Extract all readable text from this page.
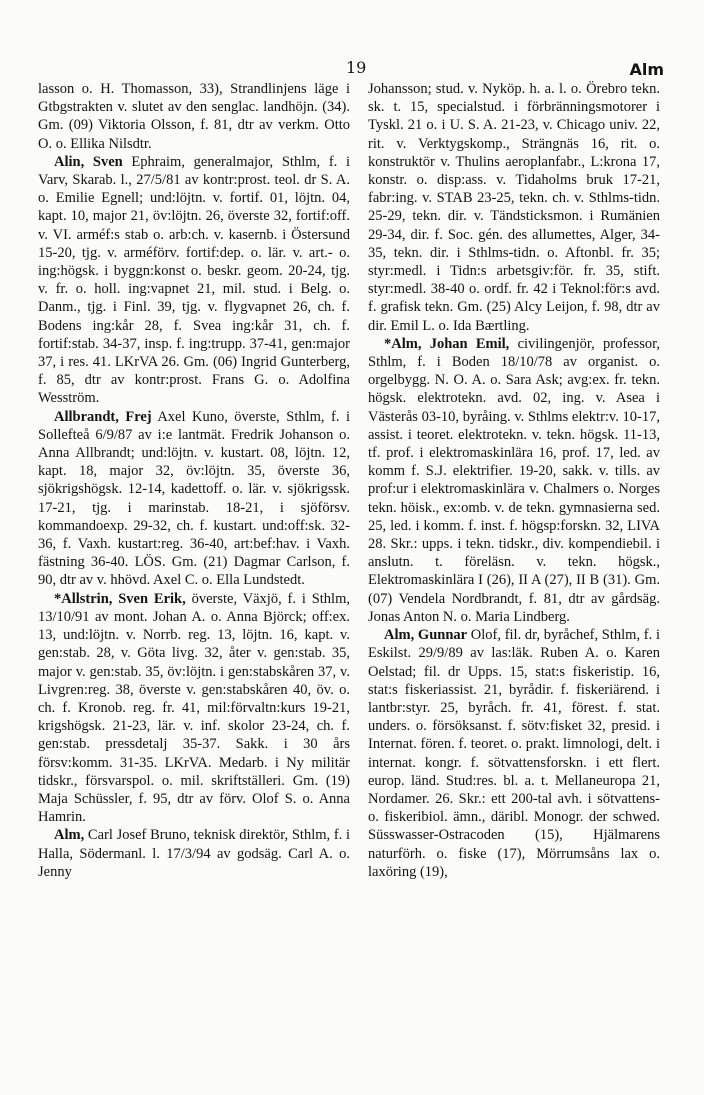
19	Alm

lasson o. H. Thomasson, 33), Strandlinjens läge i Gtbgstrakten v. slutet av den senglac. landhöjn. (34). Gm. (09) Viktoria Olsson, f. 81, dtr av verkm. Otto O. o. Ellika Nilsdtr.

Alin, Sven Ephraim, generalmajor, Sthlm, f. i Varv, Skarab. l., 27/5/81 av kontr:prost. teol. dr S. A. o. Emilie Egnell; und:löjtn. v. fortif. 01, löjtn. 04, kapt. 10, major 21, öv:löjtn. 26, överste 32, fortif:off. v. VI. arméf:s stab o. arb:ch. v. kasernb. i Östersund 15-20, tjg. v. arméförv. fortif:dep. o. lär. v. art.- o. ing:högsk. i byggn:konst o. beskr. geom. 20-24, tjg. v. fr. o. holl. ing:vapnet 21, mil. stud. i Belg. o. Danm., tjg. i Finl. 39, tjg. v. flygvapnet 26, ch. f. Bodens ing:kår 28, f. Svea ing:kår 31, ch. f. fortif:stab. 34-37, insp. f. ing:trupp. 37-41, gen:major 37, i res. 41. LKrVA 26. Gm. (06) Ingrid Gunterberg, f. 85, dtr av kontr:prost. Frans G. o. Adolfina Wesström.

Allbrandt, Frej Axel Kuno, överste, Sthlm, f. i Sollefteå 6/9/87 av i:e lantmät. Fredrik Johanson o. Anna Allbrandt; und:löjtn. v. kustart. 08, löjtn. 12, kapt. 18, major 32, öv:löjtn. 35, överste 36, sjökrigshögsk. 12-14, kadettoff. o. lär. v. sjökrigssk. 17-21, tjg. i marinstab. 18-21, i sjöförsv. kommandoexp. 29-32, ch. f. kustart. und:off:sk. 32-36, f. Vaxh. kustart:reg. 36-40, art:bef:hav. i Vaxh. fästning 36-40. LÖS. Gm. (21) Dagmar Carlson, f. 90, dtr av v. hhövd. Axel C. o. Ella Lundstedt.

*Allstrin, Sven Erik, överste, Växjö, f. i Sthlm, 13/10/91 av mont. Johan A. o. Anna Björck; off:ex. 13, und:löjtn. v. Norrb. reg. 13, löjtn. 16, kapt. v. gen:stab. 28, v. Göta livg. 32, åter v. gen:stab. 35, major v. gen:stab. 35, öv:löjtn. i gen:stabskåren 37, v. Livgren:reg. 38, överste v. gen:stabskåren 40, öv. o. ch. f. Kronob. reg. fr. 41, mil:förvaltn:kurs 19-21, krigshögsk. 21-23, lär. v. inf. skolor 23-24, ch. f. gen:stab. pressdetalj 35-37. Sakk. i 30 års försv:komm. 31-35. LKrVA. Medarb. i Ny militär tidskr., försvarspol. o. mil. skriftställeri. Gm. (19) Maja Schüssler, f. 95, dtr av förv. Olof S. o. Anna Hamrin.

Alm, Carl Josef Bruno, teknisk direktör, Sthlm, f. i Halla, Södermanl. l. 17/3/94 av godsäg. Carl A. o. Jenny

Johansson; stud. v. Nyköp. h. a. l. o. Örebro tekn. sk. t. 15, specialstud. i förbränningsmotorer i Tyskl. 21 o. i U. S. A. 21-23, v. Chicago univ. 22, rit. v. Verktygskomp., Strängnäs 16, rit. o. konstruktör v. Thulins aeroplanfabr., L:krona 17, konstr. o. disp:ass. v. Tidaholms bruk 17-21, fabr:ing. v. STAB 23-25, tekn. ch. v. Sthlms-tidn. 25-29, tekn. dir. v. Tändsticksmon. i Rumänien 29-34, dir. f. Soc. gén. des allumettes, Alger, 34-35, tekn. dir. i Sthlms-tidn. o. Aftonbl. fr. 35; styr:medl. i Tidn:s arbetsgiv:för. fr. 35, stift. styr:medl. 38-40 o. ordf. fr. 42 i Teknol:för:s avd. f. grafisk tekn. Gm. (25) Alcy Leijon, f. 98, dtr av dir. Emil L. o. Ida Bærtling.

*Alm, Johan Emil, civilingenjör, professor, Sthlm, f. i Boden 18/10/78 av organist. o. orgelbygg. N. O. A. o. Sara Ask; avg:ex. fr. tekn. högsk. elektrotekn. avd. 02, ing. v. Asea i Västerås 03-10, byråing. v. Sthlms elektr:v. 10-17, assist. i teoret. elektrotekn. v. tekn. högsk. 11-13, tf. prof. i elektromaskinlära 16, prof. 17, led. av komm f. S.J. elektrifier. 19-20, sakk. v. tills. av prof:ur i elektromaskinlära v. Chalmers o. Norges tekn. höisk., ex:omb. v. de tekn. gymnasierna sed. 25, led. i komm. f. inst. f. högsp:forskn. 32, LIVA 28. Skr.: upps. i tekn. tidskr., div. kompendiebil. i anslutn. t. föreläsn. v. tekn. högsk., Elektromaskinlära I (26), II A (27), II B (31). Gm. (07) Vendela Nordbrandt, f. 81, dtr av gårdsäg. Jonas Anton N. o. Maria Lindberg.

Alm, Gunnar Olof, fil. dr, byråchef, Sthlm, f. i Eskilst. 29/9/89 av las:läk. Ruben A. o. Karen Oelstad; fil. dr Upps. 15, stat:s fiskeristip. 16, stat:s fiskeriassist. 21, byrådir. f. fiskeriärend. i lantbr:styr. 25, byråch. fr. 41, förest. f. stat. unders. o. försöksanst. f. sötv:fisket 32, presid. i Internat. fören. f. teoret. o. prakt. limnologi, delt. i internat. kongr. f. sötvattensforskn. i ett flert. europ. länd. Stud:res. bl. a. t. Mellaneuropa 21, Nordamer. 26. Skr.: ett 200-tal avh. i sötvattens- o. fiskeribiol. ämn., däribl. Monogr. der schwed. Süsswasser-Ostracoden (15), Hjälmarens naturförh. o. fiske (17), Mörrumsåns lax o. laxöring (19),
